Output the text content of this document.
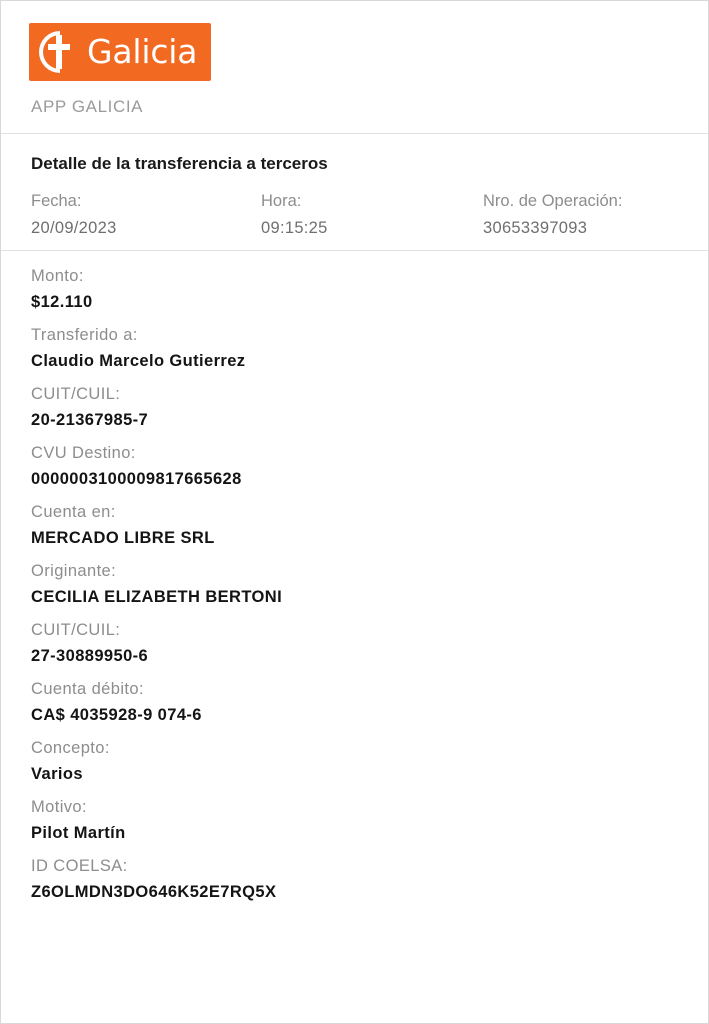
Galicia
APP GALICIA
Detalle de la transferencia a terceros
Fecha:
20/09/2023
Hora:
09:15:25
Nro. de Operación:
30653397093
Monto:
$12.110
Transferido a:
Claudio Marcelo Gutierrez
CUIT/CUIL:
20-21367985-7
CVU Destino:
0000003100009817665628
Cuenta en:
MERCADO LIBRE SRL
Originante:
CECILIA ELIZABETH BERTONI
CUIT/CUIL:
27-30889950-6
Cuenta débito:
CA$ 4035928-9 074-6
Concepto:
Varios
Motivo:
Pilot Martín
ID COELSA:
Z6OLMDN3DO646K52E7RQ5X
